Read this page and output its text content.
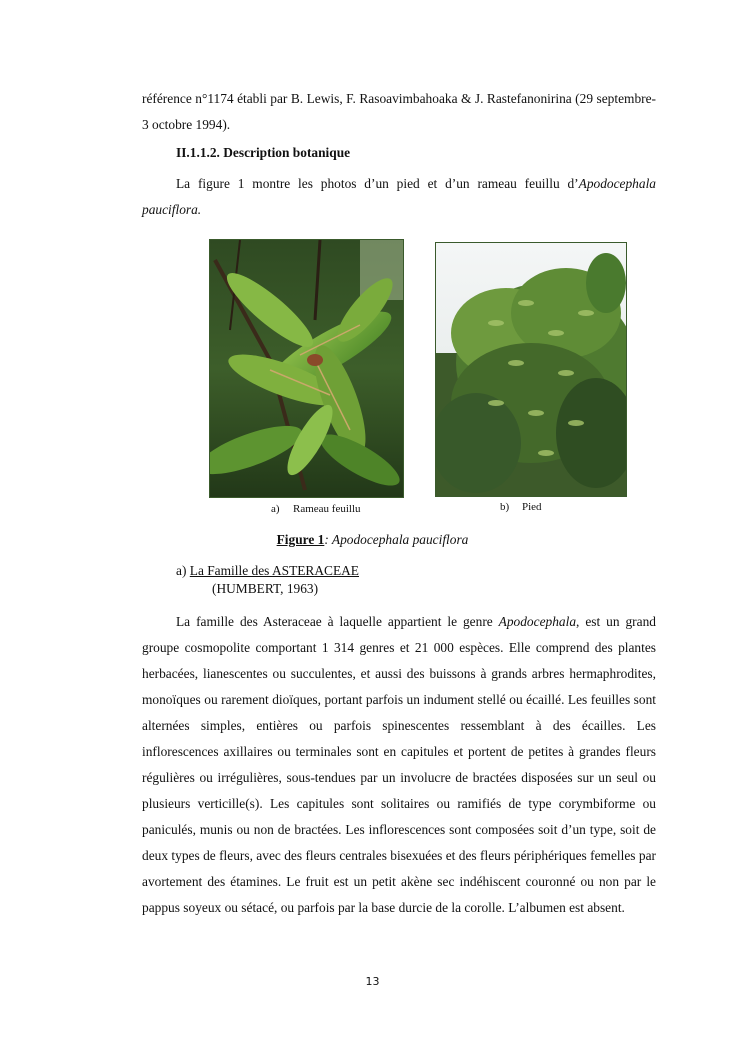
référence n°1174 établi par B. Lewis, F. Rasoavimbahoaka & J. Rastefanonirina (29 septembre-3 octobre 1994).

II.1.1.2. Description botanique

La figure 1 montre les photos d’un pied et d’un rameau feuillu d’Apodocephala pauciflora.

a) Rameau feuillu	b) Pied
Figure 1: Apodocephala pauciflora
a) La Famille des ASTERACEAE
(HUMBERT, 1963)

La famille des Asteraceae à laquelle appartient le genre Apodocephala, est un grand groupe cosmopolite comportant 1 314 genres et 21 000 espèces. Elle comprend des plantes herbacées, lianescentes ou succulentes, et aussi des buissons à grands arbres hermaphrodites, monoïques ou rarement dioïques, portant parfois un indument stellé ou écaillé. Les feuilles sont alternées simples, entières ou parfois spinescentes ressemblant à des écailles. Les inflorescences axillaires ou terminales sont en capitules et portent de petites à grandes fleurs régulières ou irrégulières, sous-tendues par un involucre de bractées disposées sur un seul ou plusieurs verticille(s). Les capitules sont solitaires ou ramifiés de type corymbiforme ou paniculés, munis ou non de bractées. Les inflorescences sont composées soit d’un type, soit de deux types de fleurs, avec des fleurs centrales bisexuées et des fleurs périphériques femelles par avortement des étamines. Le fruit est un petit akène sec indéhiscent couronné ou non par le pappus soyeux ou sétacé, ou parfois par la base durcie de la corolle. L’albumen est absent.

13
